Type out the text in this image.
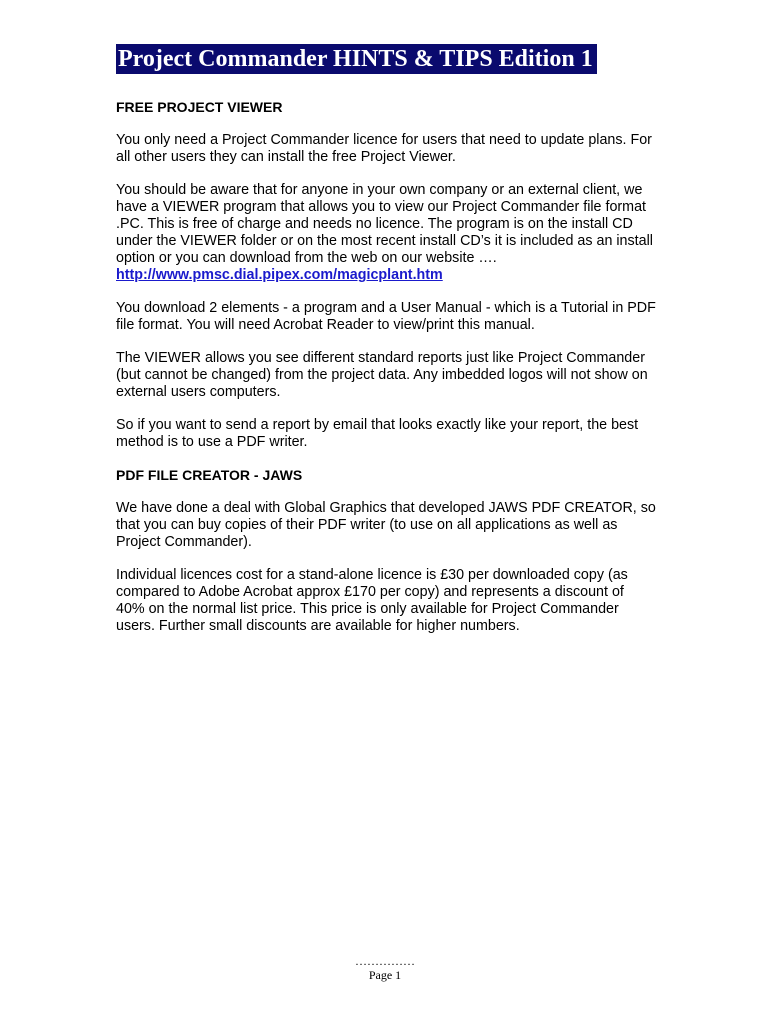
Project Commander HINTS & TIPS Edition 1
FREE PROJECT VIEWER

You only need a Project Commander licence for users that need to update plans. For all other users they can install the free Project Viewer.

You should be aware that for anyone in your own company or an external client, we have a VIEWER program that allows you to view our Project Commander file format .PC. This is free of charge and needs no licence. The program is on the install CD under the VIEWER folder or on the most recent install CD’s it is included as an install option or you can download from the web on our website …. http://www.pmsc.dial.pipex.com/magicplant.htm

You download 2 elements - a program and a User Manual - which is a Tutorial in PDF file format. You will need Acrobat Reader to view/print this manual.

The VIEWER allows you see different standard reports just like Project Commander (but cannot be changed) from the project data. Any imbedded logos will not show on external users computers.

So if you want to send a report by email that looks exactly like your report, the best method is to use a PDF writer.

PDF FILE CREATOR - JAWS

We have done a deal with Global Graphics that developed JAWS PDF CREATOR, so that you can buy copies of their PDF writer (to use on all applications as well as Project Commander).

Individual licences cost for a stand-alone licence is £30 per downloaded copy (as compared to Adobe Acrobat approx £170 per copy) and represents a discount of 40% on the normal list price. This price is only available for Project Commander users. Further small discounts are available for higher numbers.

……………
Page 1
